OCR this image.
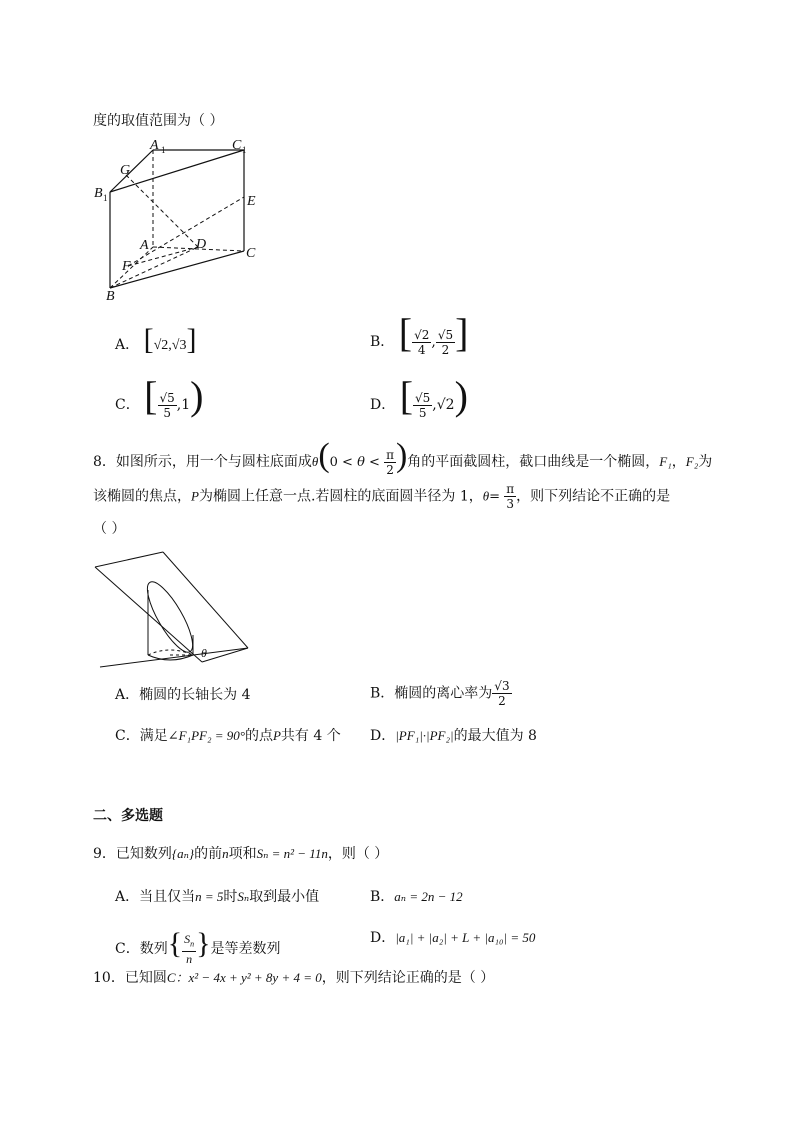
度的取值范围为（ ）
A 1	C 1
G
B 1	E
A	D
C
F
B
A． [√2,√3]	B． [ $\frac{√2}{4}$ , $\frac{√5}{2}$ ]
C． [ $\frac{√5}{5} ,1$)	D． [ $\frac{√5}{5} ,√2$)
8．如图所示，用一个与圆柱底面成$\theta(0 < \theta < \frac{\pi}{2}$ )角的平面截圆柱，截口曲线是一个椭圆，F₁，F₂为
该椭圆的焦点，P为椭圆上任意一点.若圆柱的底面圆半径为 1，$\theta= \frac{\pi}{3}$ ，则下列结论不正确的是
（ ）
θ
A．椭圆的长轴长为 4	B．椭圆的离心率为 $\frac{√3}{2}$
C．满足∠F₁PF₂ = 90°的点P共有 4 个 D．|PF₁|·|PF₂|的最大值为 8
二、多选题
9．已知数列{aₙ}的前n项和Sₙ = n² − 11n，则（ ）
A．当且仅当n = 5时Sₙ取到最小值	B．aₙ = 2n − 12
C．数列{ $\frac{S_n}{n}$ }是等差数列
D．|a₁| + |a₂| + L + |a₁₀| = 50
10．已知圆C：x² − 4x + y² + 8y + 4 = 0，则下列结论正确的是（ ）
